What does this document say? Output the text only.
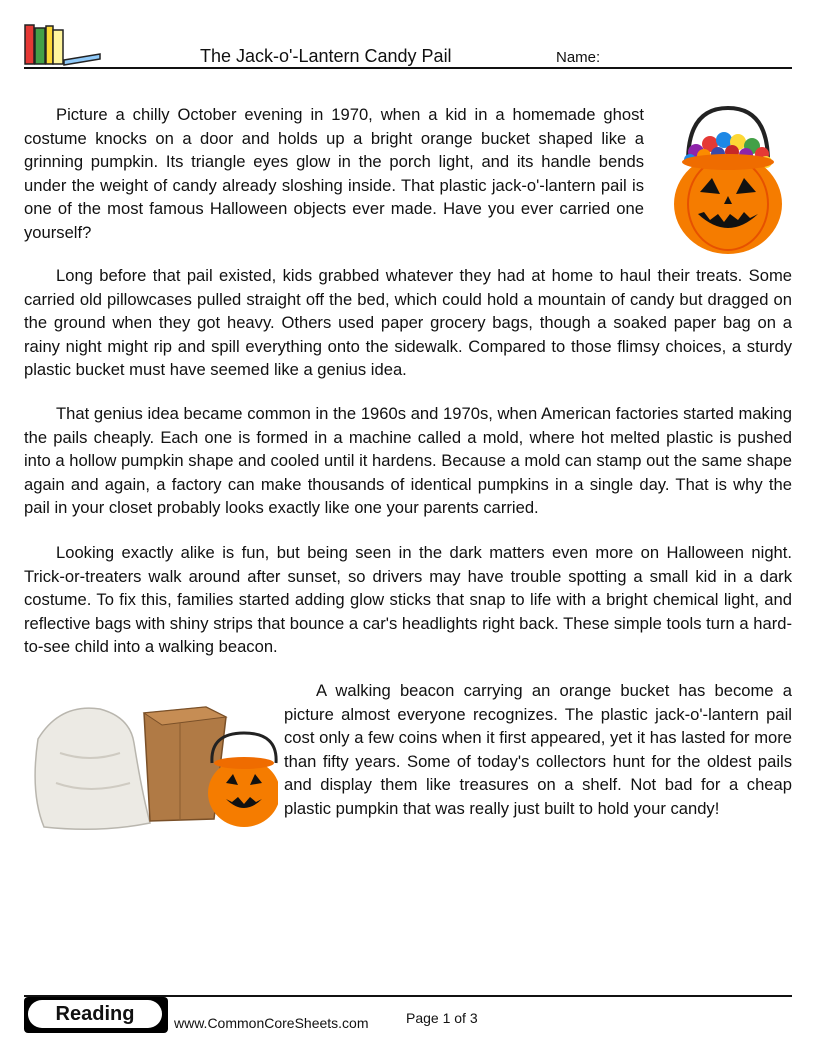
The Jack-o'-Lantern Candy Pail	Name:

Picture a chilly October evening in 1970, when a kid in a homemade ghost costume knocks on a door and holds up a bright orange bucket shaped like a grinning pumpkin. Its triangle eyes glow in the porch light, and its handle bends under the weight of candy already sloshing inside. That plastic jack-o'-lantern pail is one of the most famous Halloween objects ever made. Have you ever carried one yourself?

Long before that pail existed, kids grabbed whatever they had at home to haul their treats. Some carried old pillowcases pulled straight off the bed, which could hold a mountain of candy but dragged on the ground when they got heavy. Others used paper grocery bags, though a soaked paper bag on a rainy night might rip and spill everything onto the sidewalk. Compared to those flimsy choices, a sturdy plastic bucket must have seemed like a genius idea.

That genius idea became common in the 1960s and 1970s, when American factories started making the pails cheaply. Each one is formed in a machine called a mold, where hot melted plastic is pushed into a hollow pumpkin shape and cooled until it hardens. Because a mold can stamp out the same shape again and again, a factory can make thousands of identical pumpkins in a single day. That is why the pail in your closet probably looks exactly like one your parents carried.

Looking exactly alike is fun, but being seen in the dark matters even more on Halloween night. Trick-or-treaters walk around after sunset, so drivers may have trouble spotting a small kid in a dark costume. To fix this, families started adding glow sticks that snap to life with a bright chemical light, and reflective bags with shiny strips that bounce a car's headlights right back. These simple tools turn a hard-to-see child into a walking beacon.

A walking beacon carrying an orange bucket has become a picture almost everyone recognizes. The plastic jack-o'-lantern pail cost only a few coins when it first appeared, yet it has lasted for more than fifty years. Some of today's collectors hunt for the oldest pails and display them like treasures on a shelf. Not bad for a cheap plastic pumpkin that was really just built to hold your candy!

Reading	www.CommonCoreSheets.com	Page 1 of 3
